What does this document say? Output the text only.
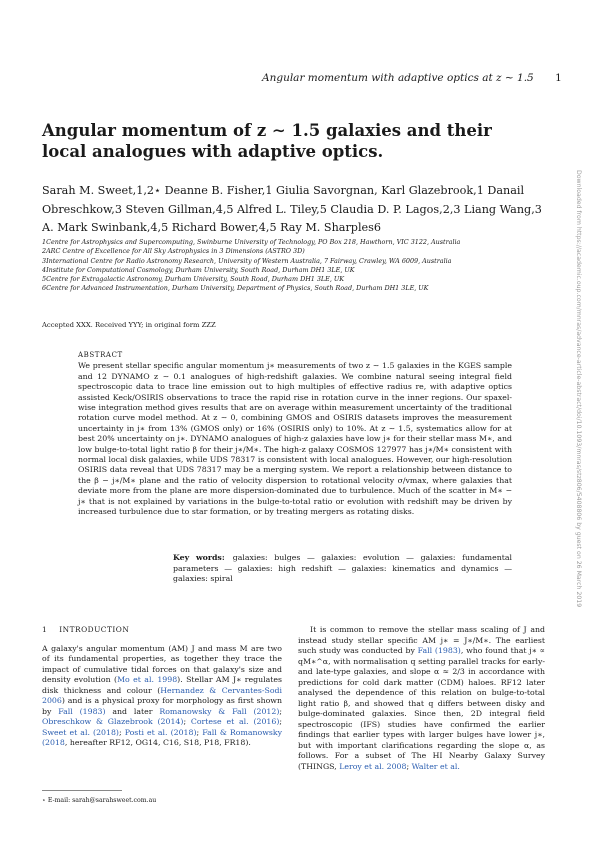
Angular momentum with adaptive optics at z ∼ 1.5 1
Angular momentum of z ∼ 1.5 galaxies and their local analogues with adaptive optics.
Sarah M. Sweet,1,2⋆ Deanne B. Fisher,1 Giulia Savorgnan, Karl Glazebrook,1 Danail Obreschkow,3 Steven Gillman,4,5 Alfred L. Tiley,5 Claudia D. P. Lagos,2,3 Liang Wang,3 A. Mark Swinbank,4,5 Richard Bower,4,5 Ray M. Sharples6
1Centre for Astrophysics and Supercomputing, Swinburne University of Technology, PO Box 218, Hawthorn, VIC 3122, Australia
2ARC Centre of Excellence for All Sky Astrophysics in 3 Dimensions (ASTRO 3D)
3International Centre for Radio Astronomy Research, University of Western Australia, 7 Fairway, Crawley, WA 6009, Australia
4Institute for Computational Cosmology, Durham University, South Road, Durham DH1 3LE, UK
5Centre for Extragalactic Astronomy, Durham University, South Road, Durham DH1 3LE, UK
6Centre for Advanced Instrumentation, Durham University, Department of Physics, South Road, Durham DH1 3LE, UK
Accepted XXX. Received YYY; in original form ZZZ
ABSTRACT
We present stellar specific angular momentum j∗ measurements of two z ∼ 1.5 galaxies in the KGES sample and 12 DYNAMO z ∼ 0.1 analogues of high-redshift galaxies. We combine natural seeing integral field spectroscopic data to trace line emission out to high multiples of effective radius re, with adaptive optics assisted Keck/OSIRIS observations to trace the rapid rise in rotation curve in the inner regions. Our spaxel-wise integration method gives results that are on average within measurement uncertainty of the traditional rotation curve model method. At z ∼ 0, combining GMOS and OSIRIS datasets improves the measurement uncertainty in j∗ from 13% (GMOS only) or 16% (OSIRIS only) to 10%. At z ∼ 1.5, systematics allow for at best 20% uncertainty on j∗. DYNAMO analogues of high-z galaxies have low j∗ for their stellar mass M∗, and low bulge-to-total light ratio β for their j∗/M∗. The high-z galaxy COSMOS 127977 has j∗/M∗ consistent with normal local disk galaxies, while UDS 78317 is consistent with local analogues. However, our high-resolution OSIRIS data reveal that UDS 78317 may be a merging system. We report a relationship between distance to the β − j∗/M∗ plane and the ratio of velocity dispersion to rotational velocity σ/vmax, where galaxies that deviate more from the plane are more dispersion-dominated due to turbulence. Much of the scatter in M∗ − j∗ that is not explained by variations in the bulge-to-total ratio or evolution with redshift may be driven by increased turbulence due to star formation, or by treating mergers as rotating disks.
Key words: galaxies: bulges — galaxies: evolution — galaxies: fundamental parameters — galaxies: high redshift — galaxies: kinematics and dynamics — galaxies: spiral
1 INTRODUCTION
A galaxy's angular momentum (AM) J and mass M are two of its fundamental properties, as together they trace the impact of cumulative tidal forces on that galaxy's size and density evolution (Mo et al. 1998). Stellar AM J∗ regulates disk thickness and colour (Hernandez & Cervantes-Sodi 2006) and is a physical proxy for morphology as first shown by Fall (1983) and later Romanowsky & Fall (2012); Obreschkow & Glazebrook (2014); Cortese et al. (2016); Sweet et al. (2018); Posti et al. (2018); Fall & Romanowsky (2018, hereafter RF12, OG14, C16, S18, P18, FR18).
It is common to remove the stellar mass scaling of J and instead study stellar specific AM j∗ = J∗/M∗. The earliest such study was conducted by Fall (1983), who found that j∗ ∝ qM∗^α, with normalisation q setting parallel tracks for early- and late-type galaxies, and slope α ≈ 2/3 in accordance with predictions for cold dark matter (CDM) haloes. RF12 later analysed the dependence of this relation on bulge-to-total light ratio β, and showed that q differs between disky and bulge-dominated galaxies. Since then, 2D integral field spectroscopic (IFS) studies have confirmed the earlier findings that earlier types with larger bulges have lower j∗, but with important clarifications regarding the slope α, as follows. For a subset of The HI Nearby Galaxy Survey (THINGS, Leroy et al. 2008; Walter et al.
⋆ E-mail: sarah@sarahsweet.com.au
Downloaded from https://academic.oup.com/mnras/advance-article-abstract/doi/10.1093/mnras/stz806/5408806 by guest on 26 March 2019
